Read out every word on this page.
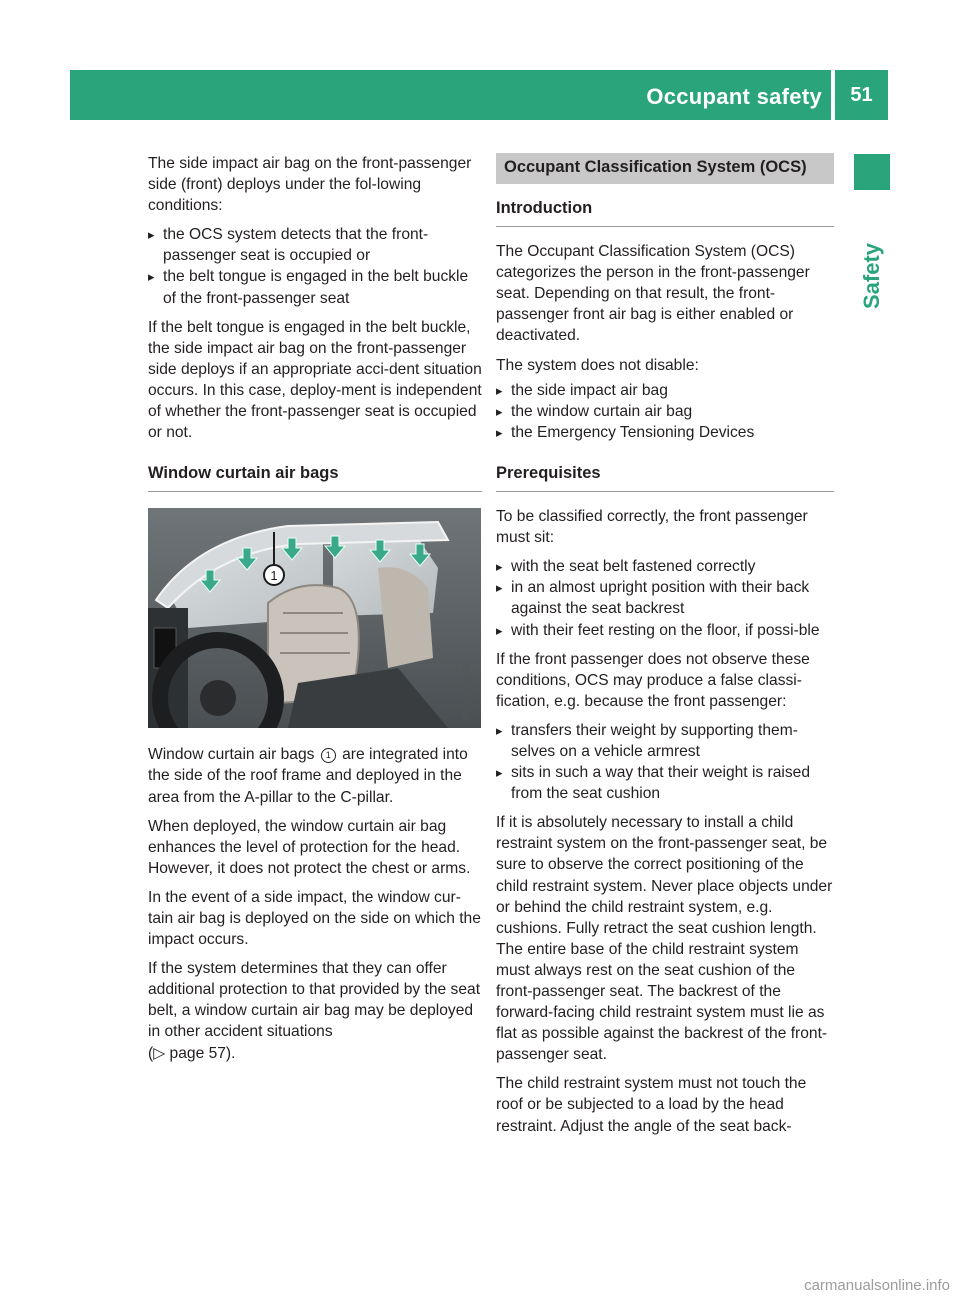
Occupant safety	51
Safety

The side impact air bag on the front-passenger side (front) deploys under the fol-lowing conditions:

▸ the OCS system detects that the front-passenger seat is occupied or
▸ the belt tongue is engaged in the belt buckle of the front-passenger seat

If the belt tongue is engaged in the belt buckle, the side impact air bag on the front-passenger side deploys if an appropriate acci-dent situation occurs. In this case, deploy-ment is independent of whether the front-passenger seat is occupied or not.

Window curtain air bags
1
P91.60-4772-31

Window curtain air bags 1 are integrated into the side of the roof frame and deployed in the area from the A-pillar to the C-pillar.

When deployed, the window curtain air bag enhances the level of protection for the head. However, it does not protect the chest or arms.

In the event of a side impact, the window cur-tain air bag is deployed on the side on which the impact occurs.

If the system determines that they can offer additional protection to that provided by the seat belt, a window curtain air bag may be deployed in other accident situations
(▷ page 57).

Occupant Classification System (OCS)
Introduction

The Occupant Classification System (OCS) categorizes the person in the front-passenger seat. Depending on that result, the front-passenger front air bag is either enabled or deactivated.

The system does not disable:

▸ the side impact air bag
▸ the window curtain air bag
▸ the Emergency Tensioning Devices
Prerequisites

To be classified correctly, the front passenger must sit:

▸ with the seat belt fastened correctly
▸ in an almost upright position with their back against the seat backrest
▸ with their feet resting on the floor, if possi-ble

If the front passenger does not observe these conditions, OCS may produce a false classi-fication, e.g. because the front passenger:

▸ transfers their weight by supporting them-selves on a vehicle armrest
▸ sits in such a way that their weight is raised from the seat cushion

If it is absolutely necessary to install a child restraint system on the front-passenger seat, be sure to observe the correct positioning of the child restraint system. Never place objects under or behind the child restraint system, e.g. cushions. Fully retract the seat cushion length. The entire base of the child restraint system must always rest on the seat cushion of the front-passenger seat. The backrest of the forward-facing child restraint system must lie as flat as possible against the backrest of the front-passenger seat.

The child restraint system must not touch the roof or be subjected to a load by the head restraint. Adjust the angle of the seat back-

carmanualsonline.info
